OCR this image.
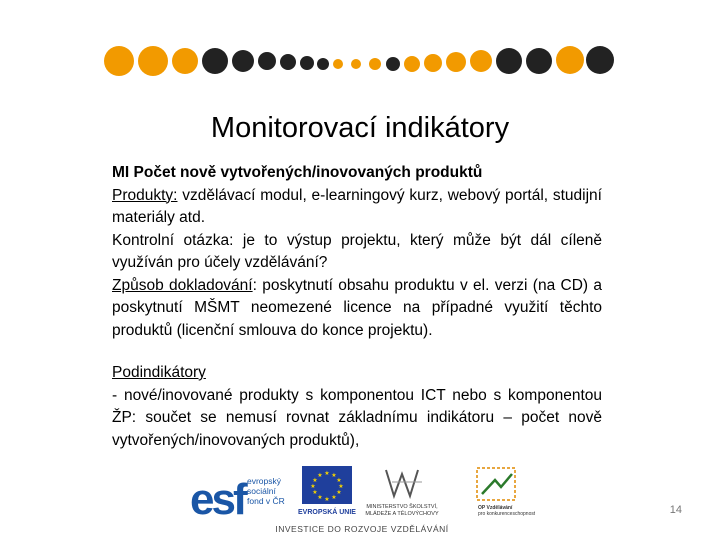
Monitorovací indikátory

MI Počet nově vytvořených/inovovaných produktů

Produkty: vzdělávací modul, e-learningový kurz, webový portál, studijní materiály atd.

Kontrolní otázka: je to výstup projektu, který může být dál cíleně využíván pro účely vzdělávání?

Způsob dokladování: poskytnutí obsahu produktu v el. verzi (na CD) a poskytnutí MŠMT neomezené licence na případné využití těchto produktů (licenční smlouva do konce projektu).

Podindikátory

- nové/inovované produkty s komponentou ICT nebo s komponentou ŽP: součet se nemusí rovnat základnímu indikátoru – počet nově vytvořených/inovovaných produktů),

esf evropský
sociální
fond v ČR
★ ★
★
★
★
★
★
★
★
★
★
★
EVROPSKÁ UNIE
MINISTERSTVO ŠKOLSTVÍ,
MLÁDEŽE A TĚLOVÝCHOVY
OP Vzdělávání
pro konkurenceschopnost
INVESTICE DO ROZVOJE VZDĚLÁVÁNÍ
14
